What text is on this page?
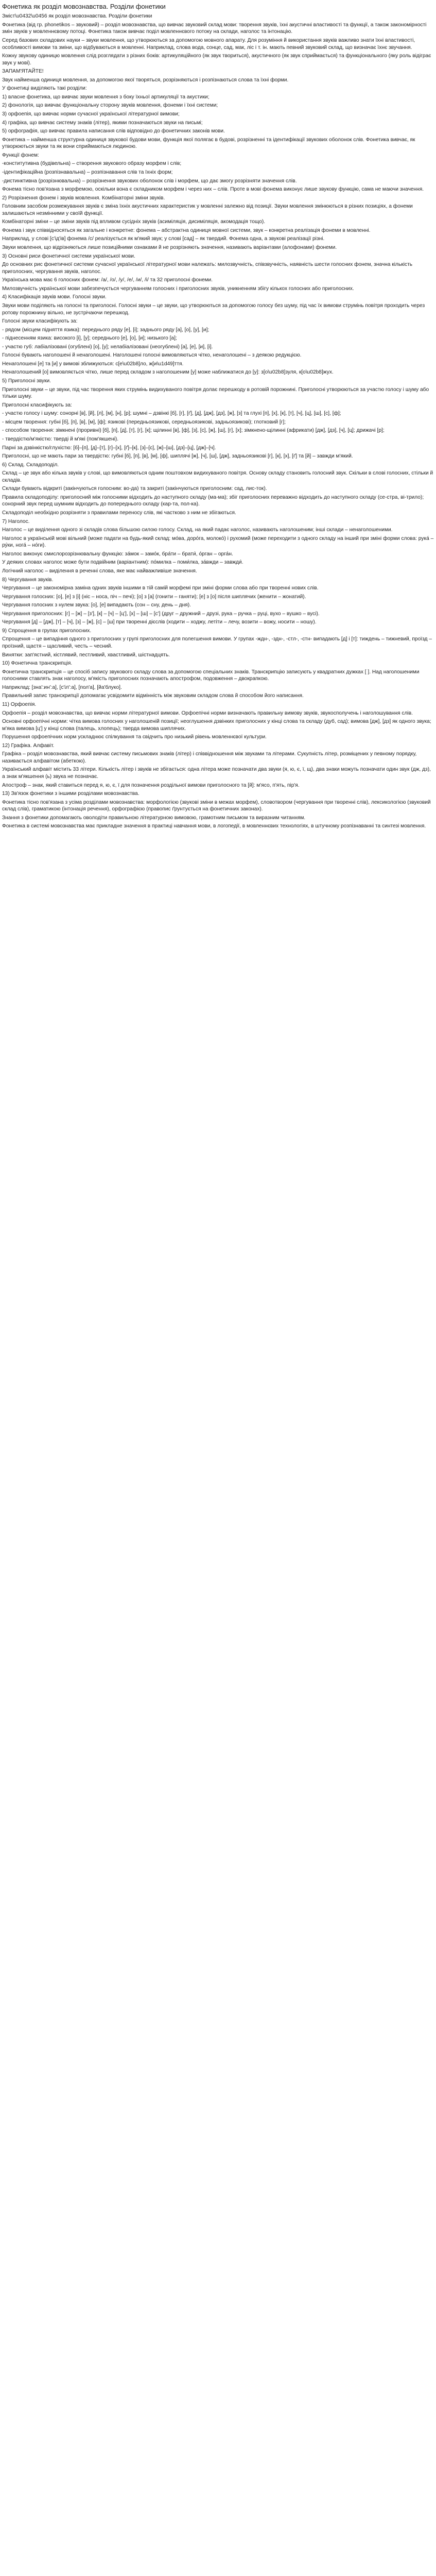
Фонетика як розділ мовознавства. Розділи фонетики

Зміст\u0432\u0456 як розділ мовознавства. Розділи фонетики

Фонетика (від гр. phonetikos – звуковий) – розділ мовознавства, що вивчає звуковий склад мови: творення звуків, їхні акустичні властивості та функції, а також закономірності змін звуків у мовленнєвому потоці. Фонетика також вивчає поділ мовленнєвого потоку на склади, наголос та інтонацію.

Серед базових складових науки – звуки мовлення, що утворюються за допомогою мовного апарату. Для розуміння й використання звуків важливо знати їхні властивості, особливості вимови та зміни, що відбуваються в мовленні. Наприклад, слова вода, сонце, сад, мак, ліс і т. ін. мають певний звуковий склад, що визначає їхнє звучання.

Кожну звукову одиницю мовлення слід розглядати з різних боків: артикуляційного (як звук твориться), акустичного (як звук сприймається) та функціонального (яку роль відіграє звук у мові).

ЗАПАМ'ЯТАЙТЕ!

Звук найменша одиниця мовлення, за допомогою якої творяться, розрізняються і розпізнаються слова та їхні форми.

У фонетиці виділяють такі розділи:

1) власне фонетика, що вивчає звуки мовлення з боку їхньої артикуляції та акустики;

2) фонологія, що вивчає функціональну сторону звуків мовлення, фонеми і їхні системи;

3) орфоепія, що вивчає норми сучасної української літературної вимови;

4) графіка, що вивчає систему знаків (літер), якими позначаються звуки на письмі;

5) орфографія, що вивчає правила написання слів відповідно до фонетичних законів мови.

Фонетика – найменша структурна одиниця звукової будови мови, функція якої полягає в будові, розрізненні та ідентифікації звукових оболонок слів. Фонетика вивчає, як утворюються звуки та як вони сприймаються людиною.

Функції фонем:

-конститутивна (будівельна) – створення звукового образу морфем і слів;

-ідентифікаційна (розпізнавальна) – розпізнавання слів та їхніх форм;

-дистинктивна (розрізнювальна) – розрізнення звукових оболонок слів і морфем, що дає змогу розрізняти значення слів.

Фонема тісно пов'язана з морфемою, оскільки вона є складником морфем і через них – слів. Проте в мові фонема виконує лише звукову функцію, сама не маючи значення.

2) Розрізнення фонем і звуків мовлення. Комбінаторні зміни звуків.

Головним засобом розмежування звуків є зміна їхніх акустичних характеристик у мовленні залежно від позиції. Звуки мовлення змінюються в різних позиціях, а фонеми залишаються незмінними у своїй функції.

Комбінаторні зміни – це зміни звуків під впливом сусідніх звуків (асиміляція, дисиміляція, акомодація тощо).

Фонема і звук співвідносяться як загальне і конкретне: фонема – абстрактна одиниця мовної системи, звук – конкретна реалізація фонеми в мовленні.

Наприклад, у слові [с'ід'ів] фонема /с/ реалізується як м'який звук; у слові [сад] – як твердий. Фонема одна, а звукові реалізації різні.

Звуки мовлення, що відрізняються лише позиційними ознаками й не розрізняють значення, називають варіантами (алофонами) фонеми.

3) Основні риси фонетичної системи української мови.

До основних рис фонетичної системи сучасної української літературної мови належать: милозвучність, співзвучність, наявність шести голосних фонем, значна кількість приголосних, чергування звуків, наголос.

Українська мова має 6 голосних фонем: /а/, /о/, /у/, /е/, /и/, /і/ та 32 приголосні фонеми.

Милозвучність української мови забезпечується чергуванням голосних і приголосних звуків, уникненням збігу кількох голосних або приголосних.

4) Класифікація звуків мови. Голосні звуки.

Звуки мови поділяють на голосні та приголосні. Голосні звуки – це звуки, що утворюються за допомогою голосу без шуму, під час їх вимови струмінь повітря проходить через ротову порожнину вільно, не зустрічаючи перешкод.

Голосні звуки класифікують за:

- рядом (місцем підняття язика): переднього ряду [е], [і]; заднього ряду [а], [о], [у], [и];

- піднесенням язика: високого [і], [у]; середнього [е], [о], [и]; низького [а];

- участю губ: лабіалізовані (огублені) [о], [у]; нелабіалізовані (неогублені) [а], [е], [и], [і].

Голосні бувають наголошені й ненаголошені. Наголошені голосні вимовляються чітко, ненаголошені – з деякою редукцією.

Ненаголошені [е] та [и] у вимові зближуються: с[е\u02b8]ло, ж[и\u1d49]ття.

Ненаголошений [о] вимовляється чітко, лише перед складом з наголошеним [у] може наближатися до [у]: з[о\u02b8]зуля, к[о\u02b8]жух.

5) Приголосні звуки.

Приголосні звуки – це звуки, під час творення яких струмінь видихуваного повітря долає перешкоду в ротовій порожнині. Приголосні утворюються за участю голосу і шуму або тільки шуму.

Приголосні класифікують за:

- участю голосу і шуму: сонорні [в], [й], [л], [м], [н], [р]; шумні – дзвінкі [б], [г], [ґ], [д], [дж], [дз], [ж], [з] та глухі [п], [х], [к], [т], [ч], [ц], [ш], [с], [ф];

- місцем творення: губні [б], [п], [в], [м], [ф]; язикові (передньоязикові, середньоязикові, задньоязикові); глотковий [г];

- способом творення: зімкнені (проривні) [б], [п], [д], [т], [г], [к]; щілинні [в], [ф], [з], [с], [ж], [ш], [г], [х]; зімкнено-щілинні (африкати) [дж], [дз], [ч], [ц]; дрижачі [р];

- твердістю/м'якістю: тверді й м'які (пом'якшені).

Парні за дзвінкістю/глухістю: [б]–[п], [д]–[т], [г]–[х], [ґ]–[к], [з]–[с], [ж]–[ш], [дз]–[ц], [дж]–[ч].

Приголосні, що не мають пари за твердістю: губні [б], [п], [в], [м], [ф], шиплячі [ж], [ч], [ш], [дж], задньоязикові [г], [к], [х], [ґ] та [й] – завжди м'який.

6) Склад. Складоподіл.

Склад – це звук або кілька звуків у слові, що вимовляються одним поштовхом видихуваного повітря. Основу складу становить голосний звук. Скільки в слові голосних, стільки й складів.

Склади бувають відкриті (закінчуються голосним: во-да) та закриті (закінчуються приголосним: сад, лис-ток).

Правила складоподілу: приголосний між голосними відходить до наступного складу (ма-ма); збіг приголосних переважно відходить до наступного складу (се-стра, ві-трило); сонорний звук перед шумним відходить до попереднього складу (кар-та, пол-ка).

Складоподіл необхідно розрізняти з правилами переносу слів, які частково з ним не збігаються.

7) Наголос.

Наголос – це виділення одного зі складів слова більшою силою голосу. Склад, на який падає наголос, називають наголошеним; інші склади – ненаголошеними.

Наголос в українській мові вільний (може падати на будь-який склад: мо́ва, доро́га, молоко́) і рухомий (може переходити з одного складу на інший при зміні форми слова: рука́ – ру́ки, нога́ – но́ги).

Наголос виконує смислорозрізнювальну функцію: за́мок – замо́к, бра́ти – брати́, о́рган – орга́н.

У деяких словах наголос може бути подвійним (варіантним): по́милка – поми́лка, за́вжди – завжди́.

Логічний наголос – виділення в реченні слова, яке має найважливіше значення.

8) Чергування звуків.

Чергування – це закономірна заміна одних звуків іншими в тій самій морфемі при зміні форми слова або при творенні нових слів.

Чергування голосних: [о], [е] з [і] (ніс – носа, піч – печі); [о] з [а] (гонити – ганяти); [е] з [о] після шиплячих (женити – жонатий).

Чергування голосних з нулем звука: [о], [е] випадають (сон – сну, день – дня).

Чергування приголосних: [г] – [ж] – [з'], [к] – [ч] – [ц'], [х] – [ш] – [с'] (друг – дружний – друзі, рука – ручка – руці, вухо – вушко – вусі).

Чергування [д] – [дж], [т] – [ч], [з] – [ж], [с] – [ш] при творенні дієслів (ходити – ходжу, летіти – лечу, возити – вожу, носити – ношу).

9) Спрощення в групах приголосних.

Спрощення – це випадіння одного з приголосних у групі приголосних для полегшення вимови. У групах -ждн-, -здн-, -стл-, -стн- випадають [д] і [т]: тиждень – тижневий, проїзд – проїзний, щастя – щасливий, честь – чесний.

Винятки: зап'ястний, кістлявий, пестливий, хвастливий, шістнадцять.

10) Фонетична транскрипція.

Фонетична транскрипція – це спосіб запису звукового складу слова за допомогою спеціальних знаків. Транскрипцію записують у квадратних дужках [ ]. Над наголошеними голосними ставлять знак наголосу, м'якість приголосних позначають апострофом, подовження – двокрапкою.

Наприклад: [зна':ин':а], [с'іл':а], [пол'а], [йа'блуко].

Правильний запис транскрипції допомагає усвідомити відмінність між звуковим складом слова й способом його написання.

11) Орфоепія.

Орфоепія – розділ мовознавства, що вивчає норми літературної вимови. Орфоепічні норми визначають правильну вимову звуків, звукосполучень і наголошування слів.

Основні орфоепічні норми: чітка вимова голосних у наголошеній позиції; неоглушення дзвінких приголосних у кінці слова та складу (дуб, сад); вимова [дж], [дз] як одного звука; м'яка вимова [ц'] у кінці слова (палець, хлопець); тверда вимова шиплячих.

Порушення орфоепічних норм ускладнює спілкування та свідчить про низький рівень мовленнєвої культури.

12) Графіка. Алфавіт.

Графіка – розділ мовознавства, який вивчає систему письмових знаків (літер) і співвідношення між звуками та літерами. Сукупність літер, розміщених у певному порядку, називається алфавітом (абеткою).

Український алфавіт містить 33 літери. Кількість літер і звуків не збігається: одна літера може позначати два звуки (я, ю, є, ї, щ), два знаки можуть позначати один звук (дж, дз), а знак м'якшення (ь) звука не позначає.

Апостроф – знак, який ставиться перед я, ю, є, ї для позначення роздільної вимови приголосного та [й]: м'ясо, п'ять, пір'я.

13) Зв'язок фонетики з іншими розділами мовознавства.

Фонетика тісно пов'язана з усіма розділами мовознавства: морфологією (звукові зміни в межах морфем), словотвором (чергування при творенні слів), лексикологією (звуковий склад слів), граматикою (інтонація речення), орфографією (правопис ґрунтується на фонетичних законах).

Знання з фонетики допомагають оволодіти правильною літературною вимовою, грамотним письмом та виразним читанням.

Фонетика в системі мовознавства має прикладне значення в практиці навчання мови, в логопедії, в мовленнєвих технологіях, в штучному розпізнаванні та синтезі мовлення.
